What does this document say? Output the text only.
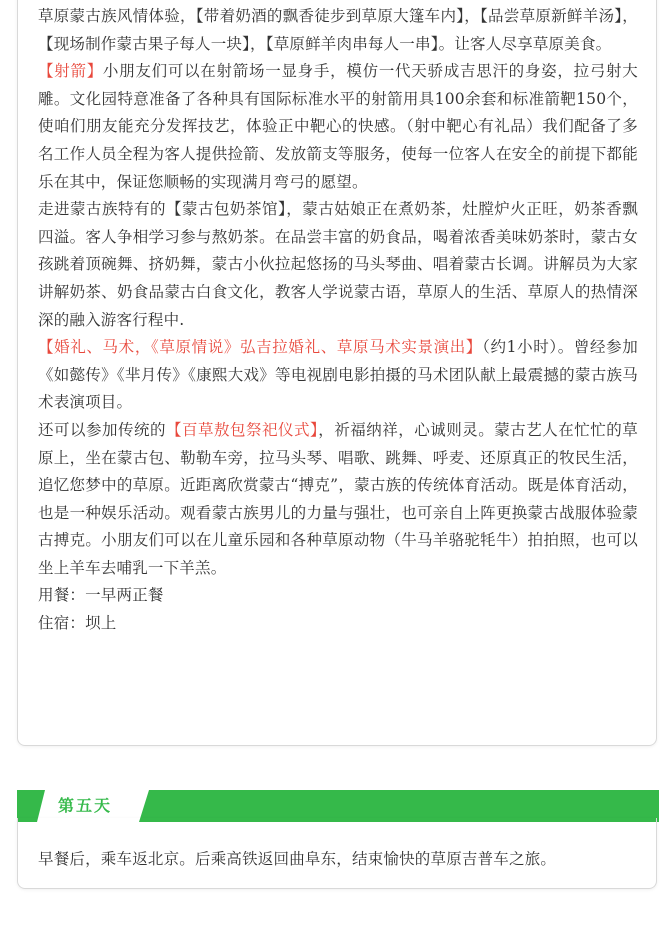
草原蒙古族风情体验，【带着奶酒的飘香徒步到草原大篷车内】，【品尝草原新鲜羊汤】，【现场制作蒙古果子每人一块】，【草原鲜羊肉串每人一串】。让客人尽享草原美食。

【射箭】小朋友们可以在射箭场一显身手，模仿一代天骄成吉思汗的身姿，拉弓射大雕。文化园特意准备了各种具有国际标准水平的射箭用具100余套和标准箭靶150个，使咱们朋友能充分发挥技艺，体验正中靶心的快感。（射中靶心有礼品）我们配备了多名工作人员全程为客人提供捡箭、发放箭支等服务，使每一位客人在安全的前提下都能乐在其中，保证您顺畅的实现满月弯弓的愿望。

走进蒙古族特有的【蒙古包奶茶馆】，蒙古姑娘正在煮奶茶，灶膛炉火正旺，奶茶香飘四溢。客人争相学习参与熬奶茶。在品尝丰富的奶食品，喝着浓香美味奶茶时，蒙古女孩跳着顶碗舞、挤奶舞，蒙古小伙拉起悠扬的马头琴曲、唱着蒙古长调。讲解员为大家讲解奶茶、奶食品蒙古白食文化，教客人学说蒙古语，草原人的生活、草原人的热情深深的融入游客行程中.

【婚礼、马术，《草原情说》弘吉拉婚礼、草原马术实景演出】（约1小时）。曾经参加《如懿传》《芈月传》《康熙大戏》等电视剧电影拍摄的马术团队献上最震撼的蒙古族马术表演项目。

还可以参加传统的【百草敖包祭祀仪式】，祈福纳祥，心诚则灵。蒙古艺人在忙忙的草原上，坐在蒙古包、勒勒车旁，拉马头琴、唱歌、跳舞、呼麦、还原真正的牧民生活，追忆您梦中的草原。近距离欣赏蒙古“搏克”，蒙古族的传统体育活动。既是体育活动，也是一种娱乐活动。观看蒙古族男儿的力量与强壮，也可亲自上阵更换蒙古战服体验蒙古搏克。小朋友们可以在儿童乐园和各种草原动物（牛马羊骆驼牦牛）拍拍照，也可以坐上羊车去哺乳一下羊羔。

用餐：一早两正餐

住宿：坝上

第五天
早餐后，乘车返北京。后乘高铁返回曲阜东，结束愉快的草原吉普车之旅。
